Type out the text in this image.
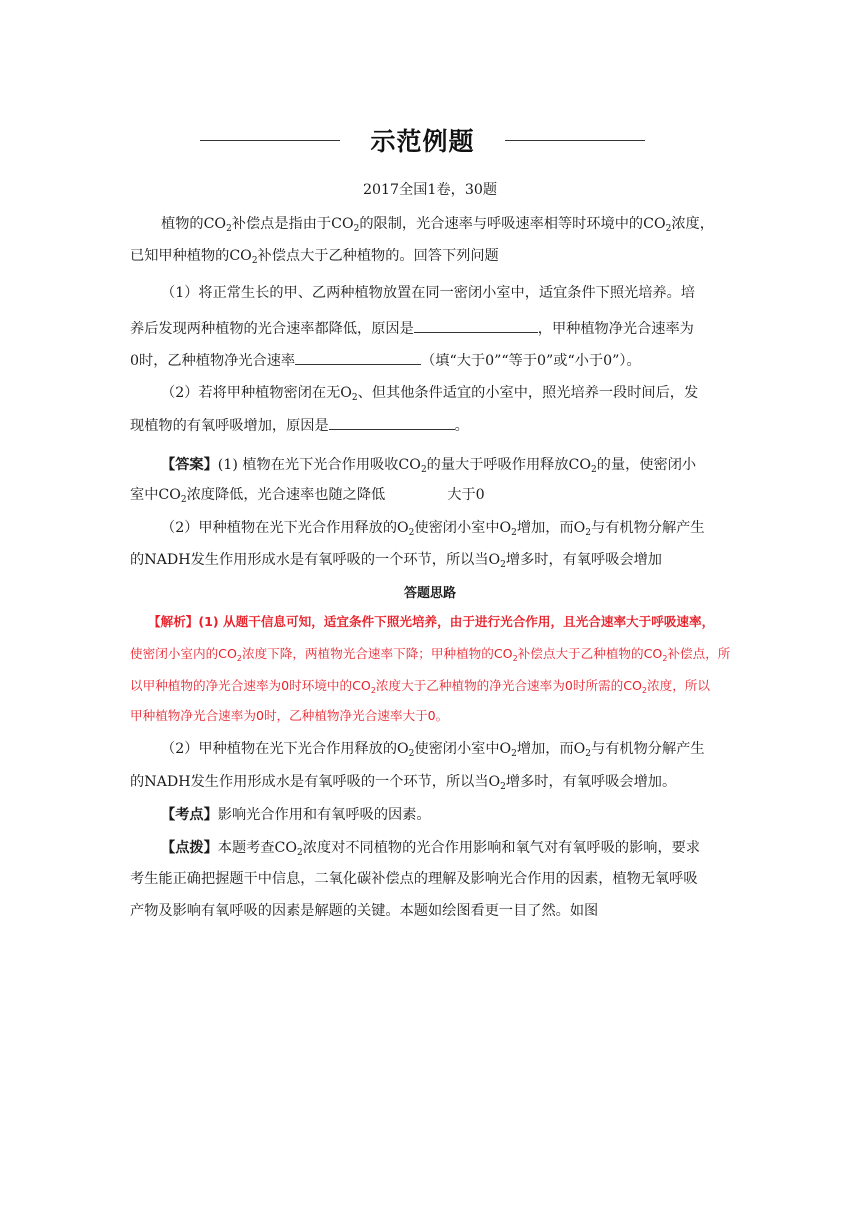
示范例题
2017全国1卷，30题
植物的$CO_2$补偿点是指由于$CO_2$的限制，光合速率与呼吸速率相等时环境中的$CO_2$浓度，
已知甲种植物的$CO_2$补偿点大于乙种植物的。回答下列问题
（1）将正常生长的甲、乙两种植物放置在同一密闭小室中，适宜条件下照光培养。培
养后发现两种植物的光合速率都降低，原因是	，甲种植物净光合速率为
0时，乙种植物净光合速率	（填“大于0”“等于0”或“小于0”）。
（2）若将甲种植物密闭在无$O_2$、但其他条件适宜的小室中，照光培养一段时间后，发
现植物的有氧呼吸增加，原因是	。
【答案】(1) 植物在光下光合作用吸收$CO_2$的量大于呼吸作用释放$CO_2$的量，使密闭小
室中$CO_2$浓度降低，光合速率也随之降低	大于0
（2）甲种植物在光下光合作用释放的$O_2$使密闭小室中$O_2$增加，而$O_2$与有机物分解产生
的NADH发生作用形成水是有氧呼吸的一个环节，所以当$O_2$增多时，有氧呼吸会增加
答题思路
【解析】(1) 从题干信息可知，适宜条件下照光培养，由于进行光合作用，且光合速率大于呼吸速率，
使密闭小室内的$CO_2$浓度下降，两植物光合速率下降；甲种植物的$CO_2$补偿点大于乙种植物的$CO_2$补偿点，所
以甲种植物的净光合速率为0时环境中的$CO_2$浓度大于乙种植物的净光合速率为0时所需的$CO_2$浓度，所以
甲种植物净光合速率为0时，乙种植物净光合速率大于0。
（2）甲种植物在光下光合作用释放的$O_2$使密闭小室中$O_2$增加，而$O_2$与有机物分解产生
的NADH发生作用形成水是有氧呼吸的一个环节，所以当$O_2$增多时，有氧呼吸会增加。
【考点】影响光合作用和有氧呼吸的因素。
【点拨】本题考查$CO_2$浓度对不同植物的光合作用影响和氧气对有氧呼吸的影响，要求
考生能正确把握题干中信息，二氧化碳补偿点的理解及影响光合作用的因素，植物无氧呼吸
产物及影响有氧呼吸的因素是解题的关键。本题如绘图看更一目了然。如图
